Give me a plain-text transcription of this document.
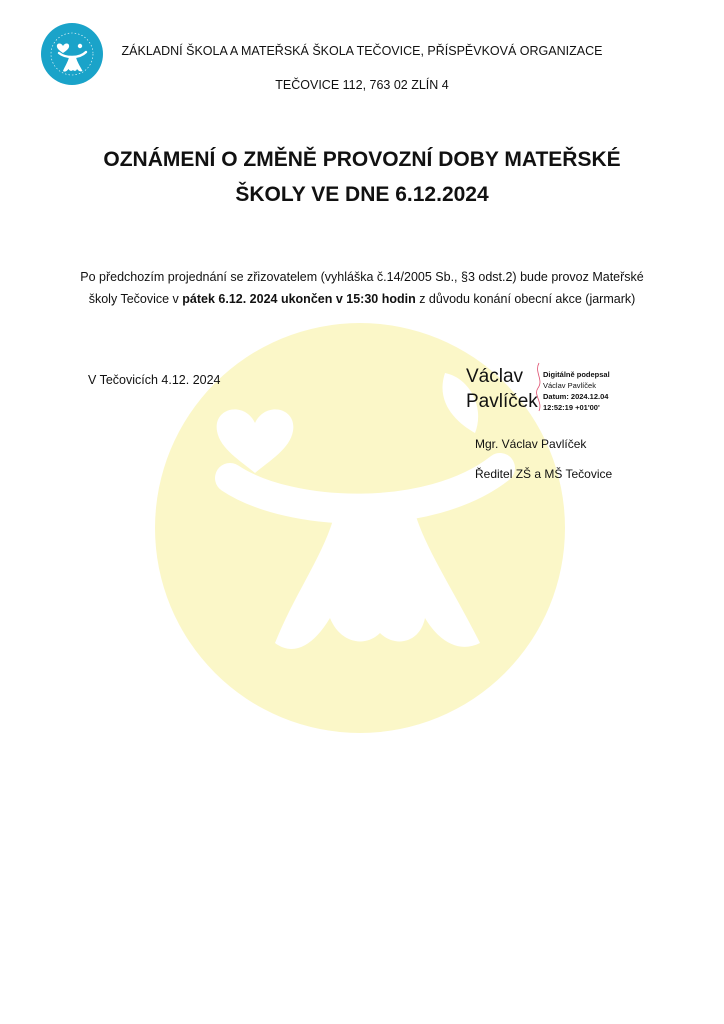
ZÁKLADNÍ ŠKOLA A MATEŘSKÁ ŠKOLA TEČOVICE, PŘÍSPĚVKOVÁ ORGANIZACE
TEČOVICE 112, 763 02 ZLÍN 4
OZNÁMENÍ O ZMĚNĚ PROVOZNÍ DOBY MATEŘSKÉ
ŠKOLY VE DNE 6.12.2024
Po předchozím projednání se zřizovatelem (vyhláška č.14/2005 Sb., §3 odst.2) bude provoz Mateřské školy Tečovice v pátek 6.12. 2024 ukončen v 15:30 hodin z důvodu konání obecní akce (jarmark)
V Tečovicích 4.12. 2024	Václav
Pavlíček
Digitálně podepsal
Václav Pavlíček
Datum: 2024.12.04
12:52:19 +01'00'
Mgr. Václav Pavlíček
Ředitel ZŠ a MŠ Tečovice
